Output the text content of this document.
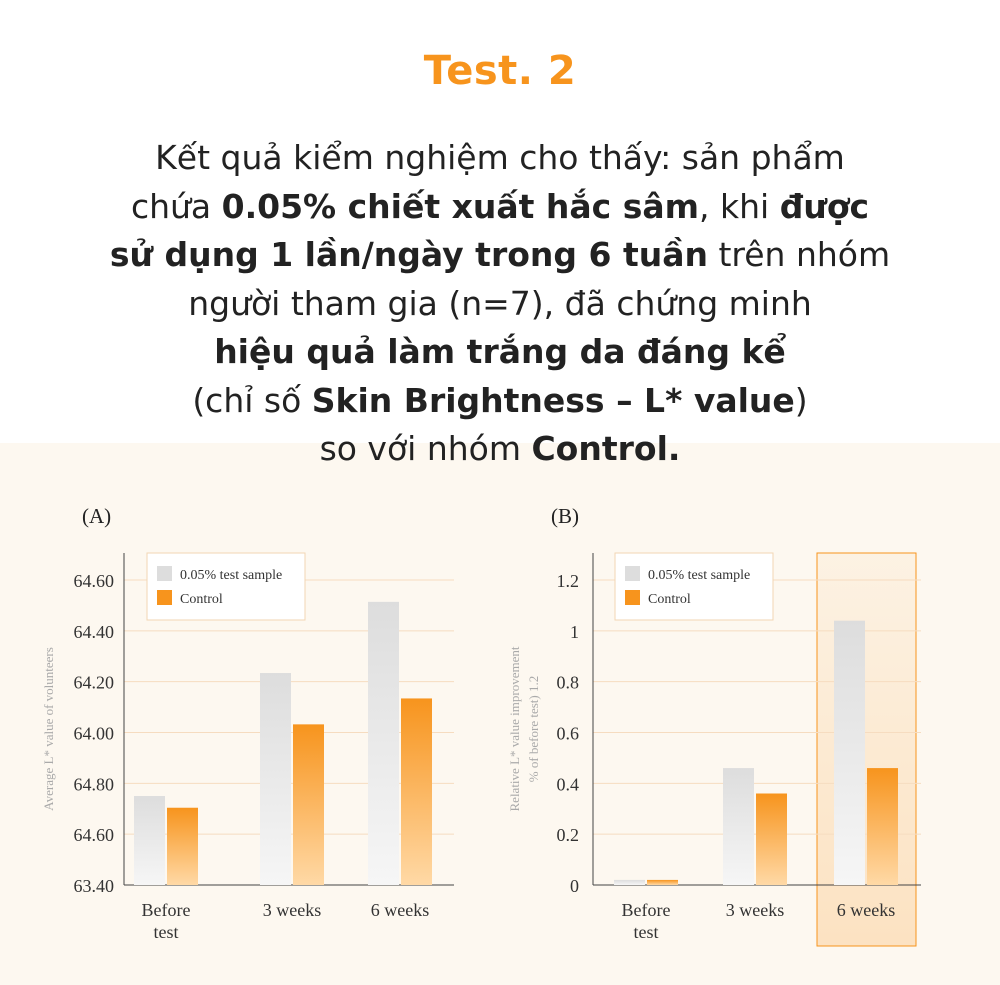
Test. 2
Kết quả kiểm nghiệm cho thấy: sản phẩm
chứa 0.05% chiết xuất hắc sâm, khi được
sử dụng 1 lần/ngày trong 6 tuần trên nhóm
người tham gia (n=7), đã chứng minh
hiệu quả làm trắng da đáng kể
(chỉ số Skin Brightness – L* value)
so với nhóm Control.
63.40
64.60
64.80
64.00
64.20
64.40
64.60
(A)
Average L* value of volunteers
Before
test
3 weeks	6 weeks
0.05% test sample
Control
0
0.2
0.4
0.6
0.8
1
1.2
(B)
Relative L* value improvement % of before test) 1.2
Before
test
3 weeks	6 weeks
0.05% test sample
Control
